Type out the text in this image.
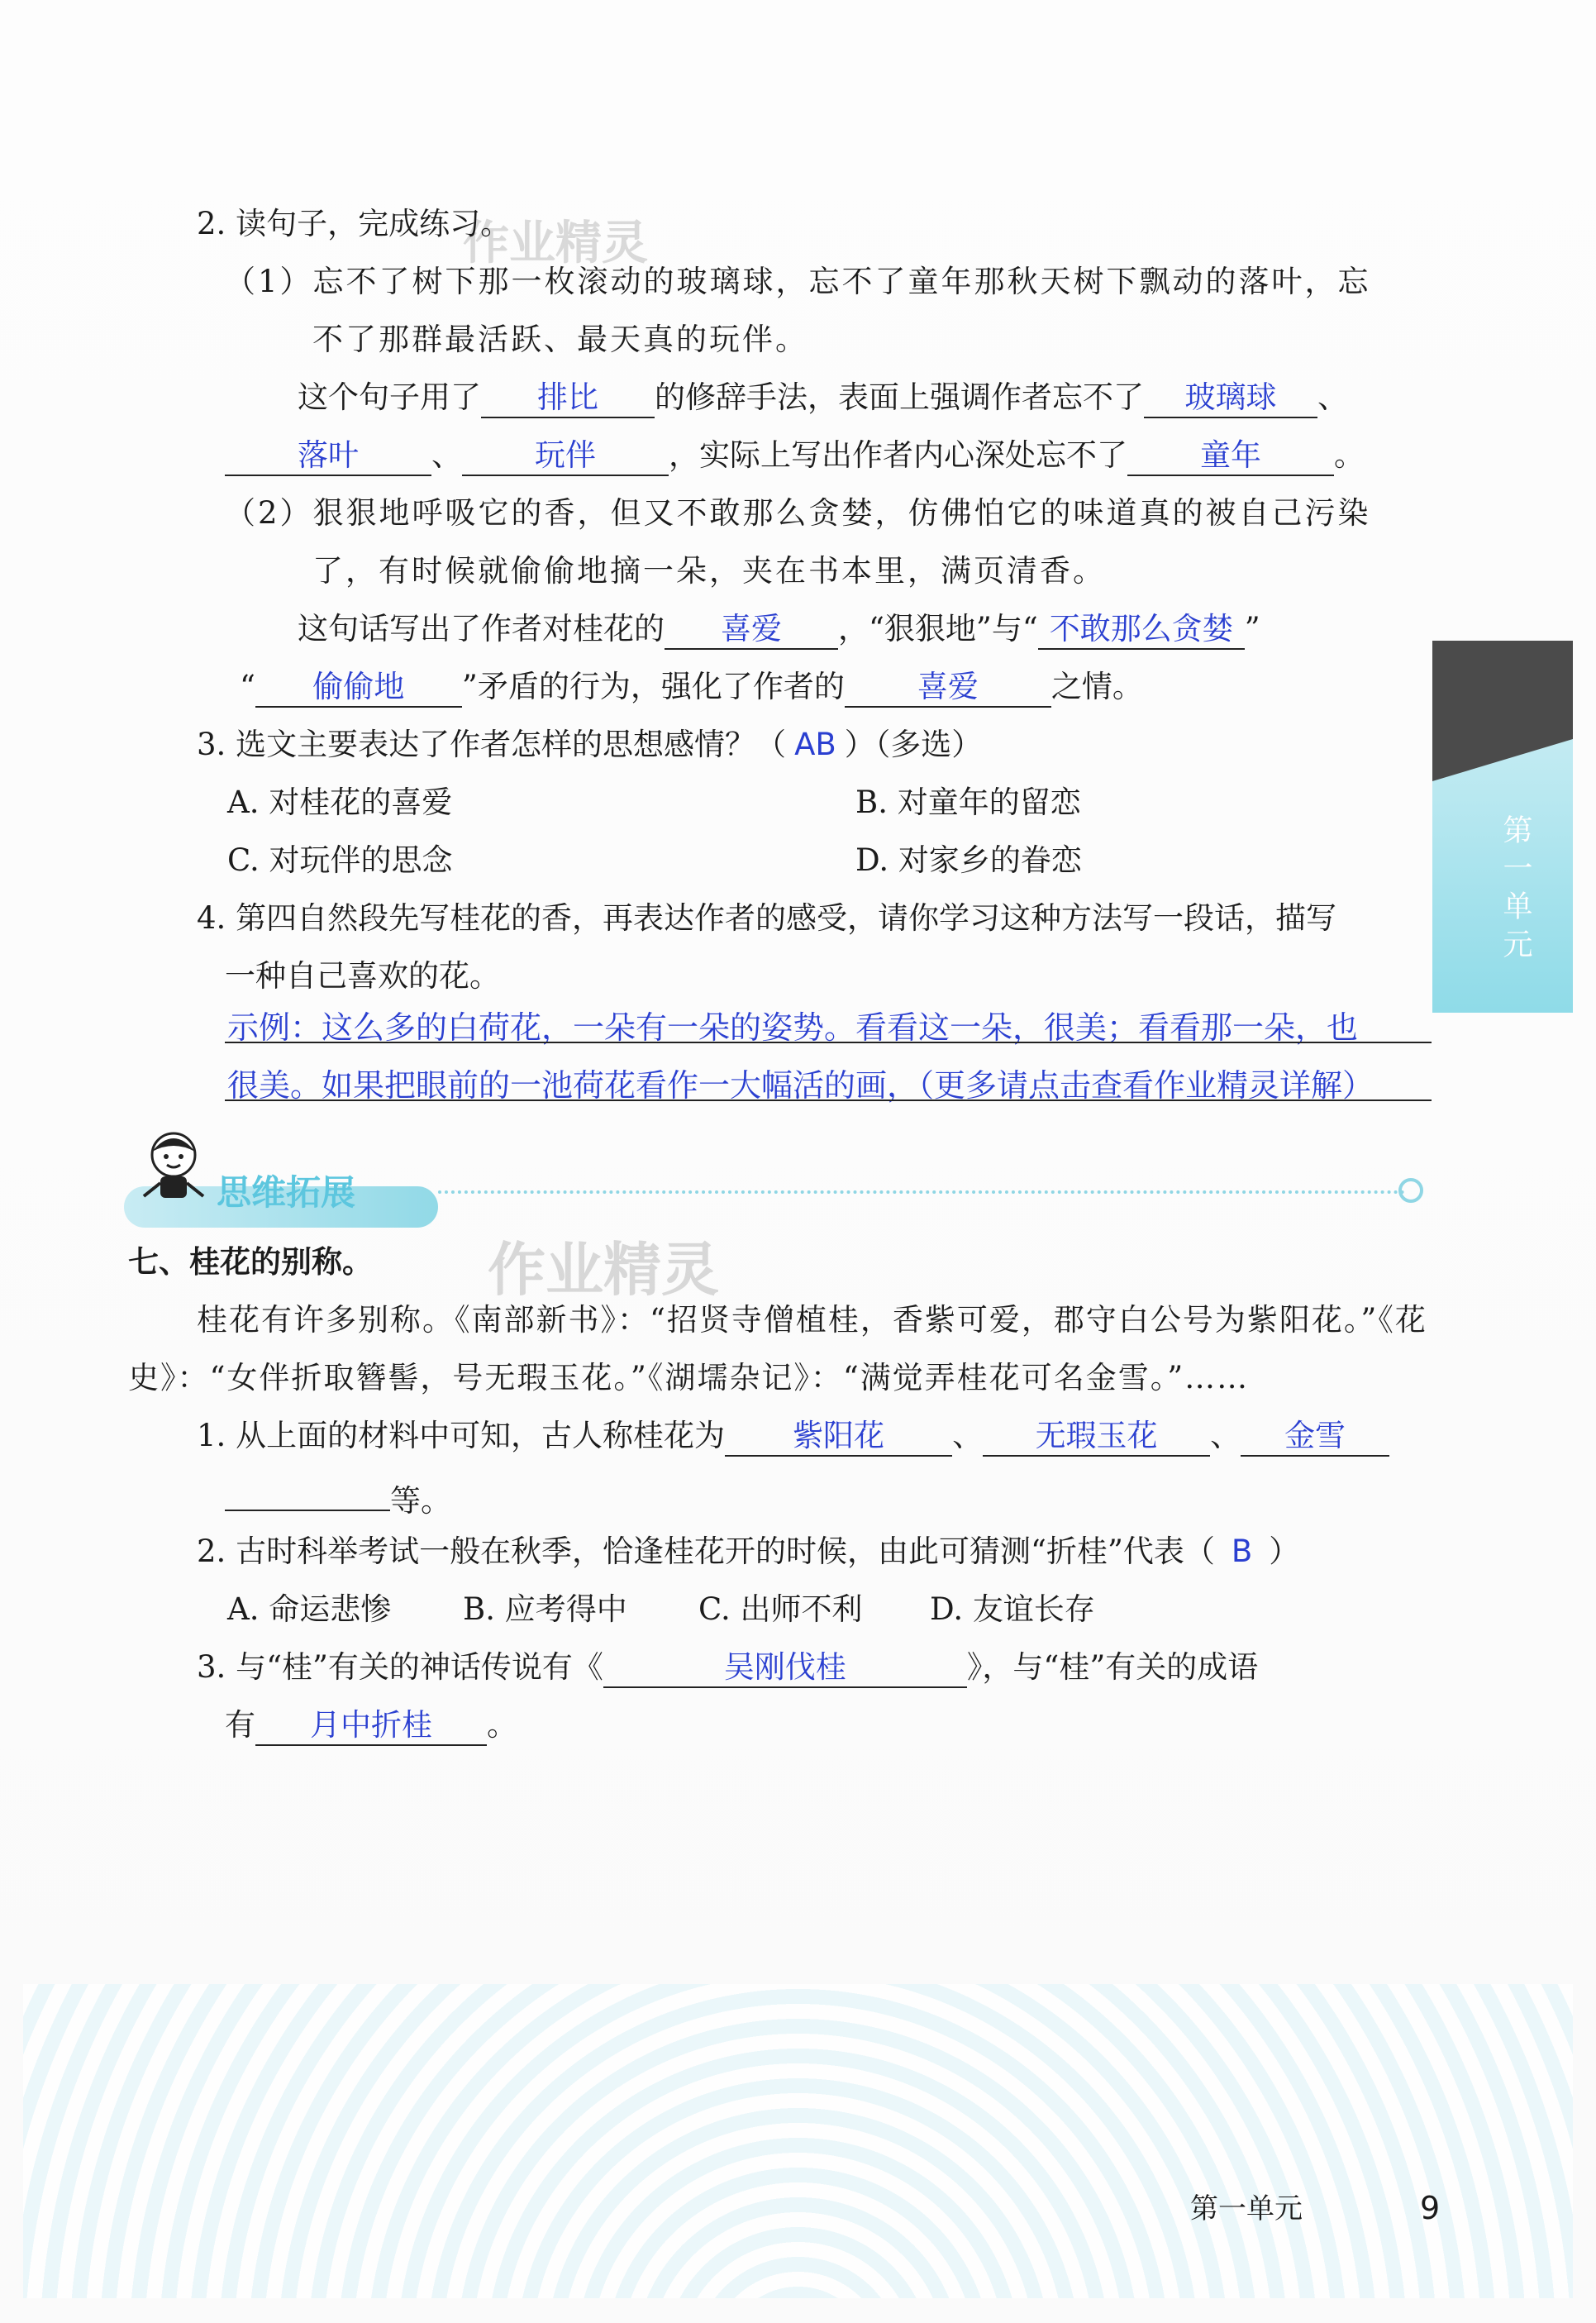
第一单元
作业精灵
作业精灵
2. 读句子，完成练习。
（1）忘不了树下那一枚滚动的玻璃球，忘不了童年那秋天树下飘动的落叶，忘
不了那群最活跃、最天真的玩伴。
这个句子用了 排比 的修辞手法，表面上强调作者忘不了 玻璃球 、
落叶 、 玩伴 ，实际上写出作者内心深处忘不了 童年 。
（2）狠狠地呼吸它的香，但又不敢那么贪婪，仿佛怕它的味道真的被自己污染
了，有时候就偷偷地摘一朵，夹在书本里，满页清香。
这句话写出了作者对桂花的 喜爱 ，“狠狠地”与“ 不敢那么贪婪 ”
“ 偷偷地 ”矛盾的行为，强化了作者的 喜爱 之情。
3. 选文主要表达了作者怎样的思想感情？（ AB ）（多选）
A. 对桂花的喜爱	B. 对童年的留恋
C. 对玩伴的思念	D. 对家乡的眷恋
4. 第四自然段先写桂花的香，再表达作者的感受，请你学习这种方法写一段话，描写
一种自己喜欢的花。
示例：这么多的白荷花，一朵有一朵的姿势。看看这一朵，很美；看看那一朵，也
很美。如果把眼前的一池荷花看作一大幅活的画，（更多请点击查看作业精灵详解）
思维拓展
七、桂花的别称。
桂花有许多别称。《南部新书》：“招贤寺僧植桂，香紫可爱，郡守白公号为紫阳花。”《花
史》：“女伴折取簪髻，号无瑕玉花。”《湖壖杂记》：“满觉弄桂花可名金雪。”……
1. 从上面的材料中可知，古人称桂花为 紫阳花 、 无瑕玉花 、 金雪
等。
2. 古时科举考试一般在秋季，恰逢桂花开的时候，由此可猜测“折桂”代表（ B ）
A. 命运悲惨 B. 应考得中 C. 出师不利 D. 友谊长存
3. 与“桂”有关的神话传说有《	吴刚伐桂	》，与“桂”有关的成语
有 月中折桂 。
第一单元	9
